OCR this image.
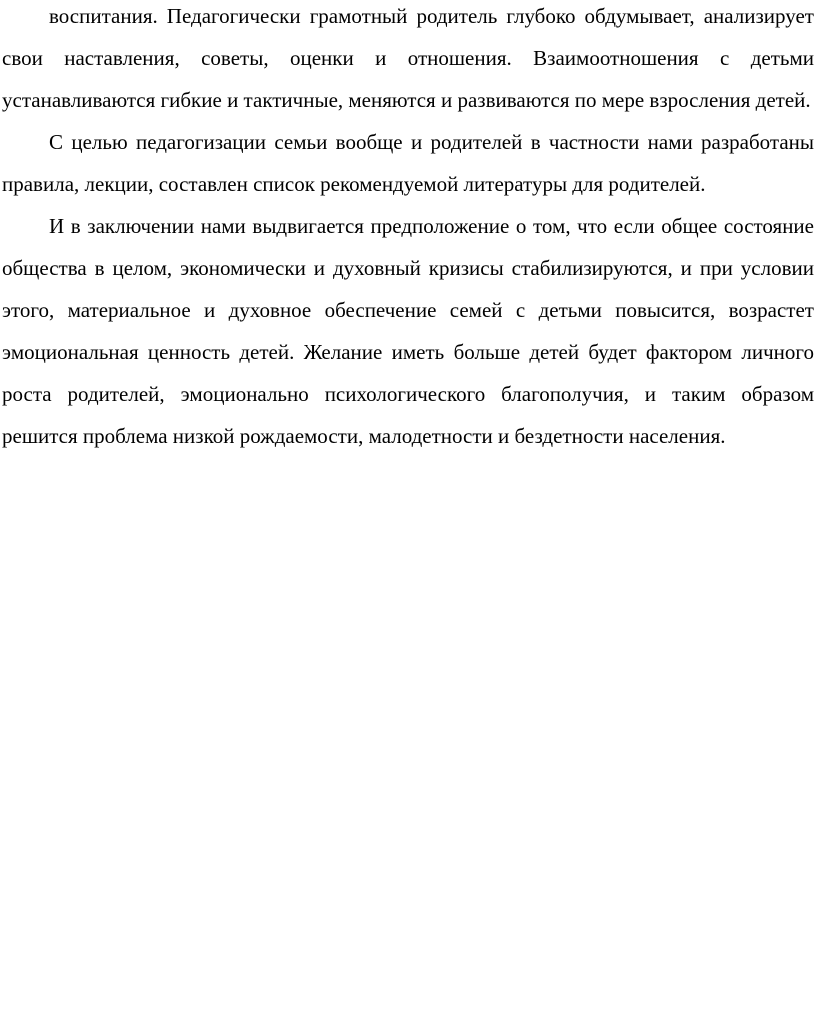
воспитания. Педагогически грамотный родитель глубоко обдумывает, анализирует свои наставления, советы, оценки и отношения. Взаимоотношения с детьми устанавливаются гибкие и тактичные, меняются и развиваются по мере взросления детей.

С целью педагогизации семьи вообще и родителей в частности нами разработаны правила, лекции, составлен список рекомендуемой литературы для родителей.

И в заключении нами выдвигается предположение о том, что если общее состояние общества в целом, экономически и духовный кризисы стабилизируются, и при условии этого, материальное и духовное обеспечение семей с детьми повысится, возрастет эмоциональная ценность детей. Желание иметь больше детей будет фактором личного роста родителей, эмоционально психологического благополучия, и таким образом решится проблема низкой рождаемости, малодетности и бездетности населения.
